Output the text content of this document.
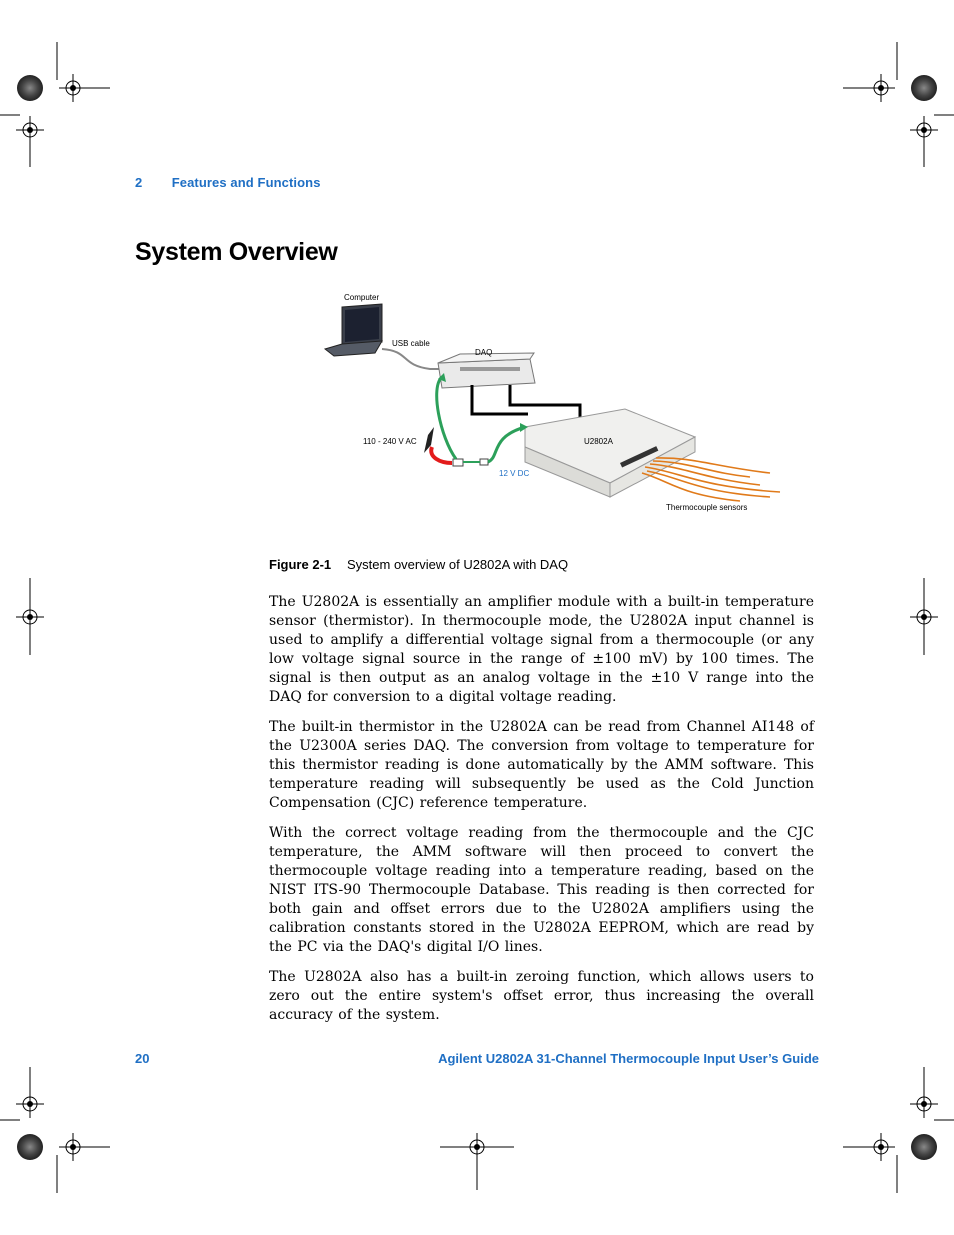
2 Features and Functions
System Overview
Computer
USB cable
DAQ
U2802A
110 - 240 V AC
12 V DC
Thermocouple sensors
Figure 2-1 System overview of U2802A with DAQ

The U2802A is essentially an amplifier module with a built-in temperature sensor (thermistor). In thermocouple mode, the U2802A input channel is used to amplify a differential voltage signal from a thermocouple (or any low voltage signal source in the range of ±100 mV) by 100 times. The signal is then output as an analog voltage in the ±10 V range into the DAQ for conversion to a digital voltage reading.

The built-in thermistor in the U2802A can be read from Channel AI148 of the U2300A series DAQ. The conversion from voltage to temperature for this thermistor reading is done automatically by the AMM software. This temperature reading will subsequently be used as the Cold Junction Compensation (CJC) reference temperature.

With the correct voltage reading from the thermocouple and the CJC temperature, the AMM software will then proceed to convert the thermocouple voltage reading into a temperature reading, based on the NIST ITS-90 Thermocouple Database. This reading is then corrected for both gain and offset errors due to the U2802A amplifiers using the calibration constants stored in the U2802A EEPROM, which are read by the PC via the DAQ's digital I/O lines.

The U2802A also has a built-in zeroing function, which allows users to zero out the entire system's offset error, thus increasing the overall accuracy of the system.

20	Agilent U2802A 31-Channel Thermocouple Input User’s Guide
